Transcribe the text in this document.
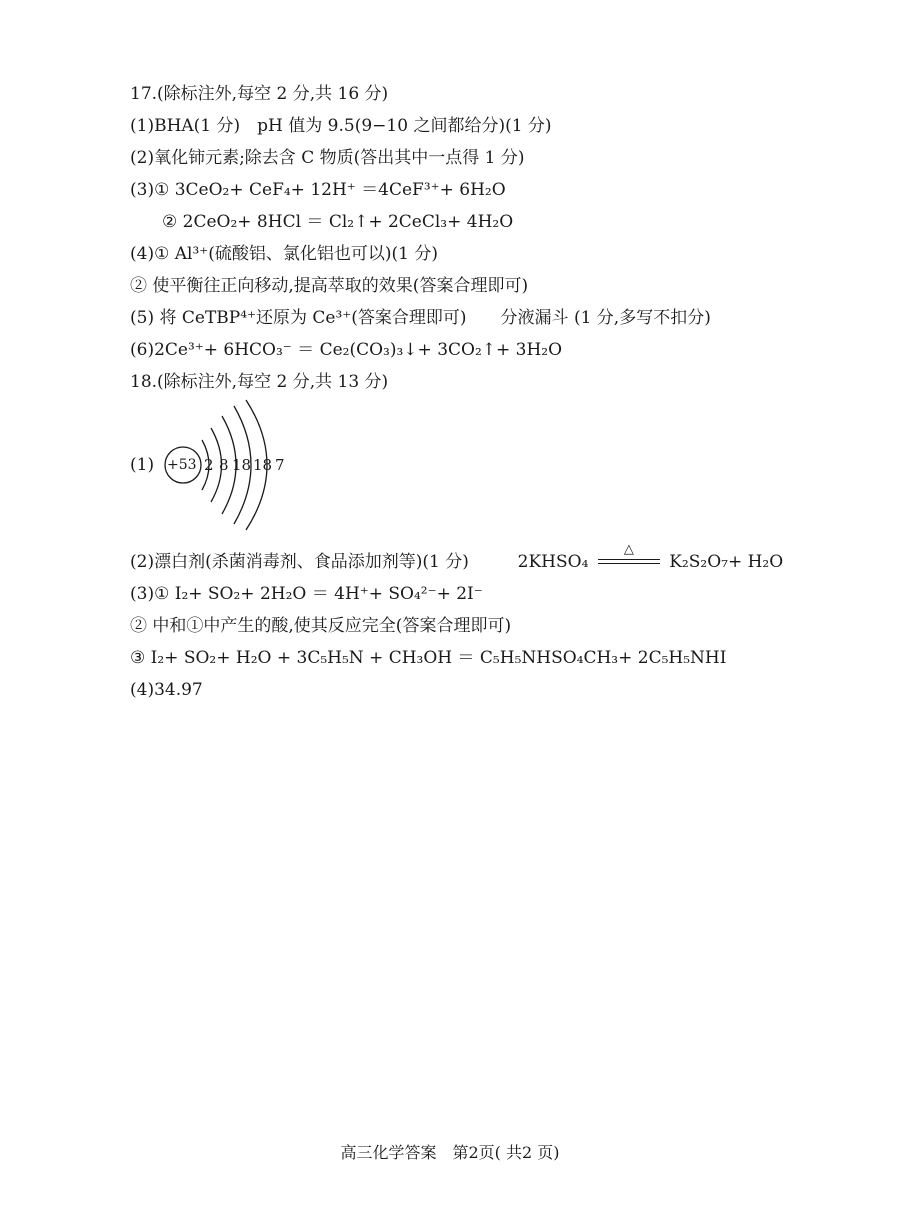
17.(除标注外,每空 2 分,共 16 分)
(1)BHA(1 分)　pH 值为 9.5(9−10 之间都给分)(1 分)
(2)氧化铈元素;除去含 C 物质(答出其中一点得 1 分)
(3)① 3CeO₂+ CeF₄+ 12H⁺ ＝4CeF³⁺+ 6H₂O
② 2CeO₂+ 8HCl ＝ Cl₂↑+ 2CeCl₃+ 4H₂O
(4)① Al³⁺(硫酸铝、氯化铝也可以)(1 分)
② 使平衡往正向移动,提高萃取的效果(答案合理即可)
(5) 将 CeTBP⁴⁺还原为 Ce³⁺(答案合理即可)　　分液漏斗 (1 分,多写不扣分)
(6)2Ce³⁺+ 6HCO₃⁻ ＝ Ce₂(CO₃)₃↓+ 3CO₂↑+ 3H₂O
18.(除标注外,每空 2 分,共 13 分)
(1) +53 2 8 18 18 7
(2)漂白剂(杀菌消毒剂、食品添加剂等)(1 分)	2KHSO₄
△
K₂S₂O₇+ H₂O
(3)① I₂+ SO₂+ 2H₂O ＝ 4H⁺+ SO₄²⁻+ 2I⁻
② 中和①中产生的酸,使其反应完全(答案合理即可)
③ I₂+ SO₂+ H₂O + 3C₅H₅N + CH₃OH ＝ C₅H₅NHSO₄CH₃+ 2C₅H₅NHI
(4)34.97
高三化学答案　第2页( 共2 页)
